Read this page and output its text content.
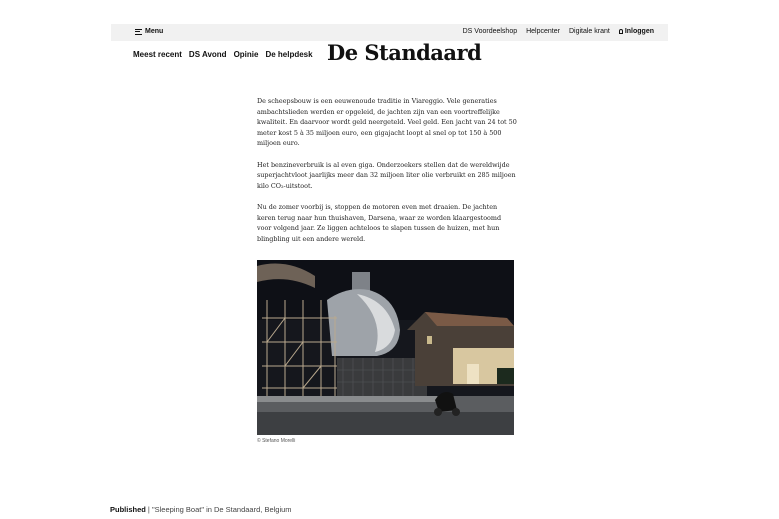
Menu	DS Voordeelshop Helpcenter Digitale krant Inloggen
Meest recent DS Avond Opinie De helpdesk De Standaard

De scheepsbouw is een eeuwenoude traditie in Viareggio. Vele generaties ambachtslieden werden er opgeleid, de jachten zijn van een voortreffelijke kwaliteit. En daarvoor wordt geld neergeteld. Veel geld. Een jacht van 24 tot 50 meter kost 5 à 35 miljoen euro, een gigajacht loopt al snel op tot 150 à 500 miljoen euro.

Het benzineverbruik is al even giga. Onderzoekers stellen dat de wereldwijde superjachtvloot jaarlijks meer dan 32 miljoen liter olie verbruikt en 285 miljoen kilo CO₂-uitstoot.

Nu de zomer voorbij is, stoppen de motoren even met draaien. De jachten keren terug naar hun thuishaven, Darsena, waar ze worden klaargestoomd voor volgend jaar. Ze liggen achteloos te slapen tussen de huizen, met hun blingbling uit een andere wereld.

© Stefano Morelli
Published | "Sleeping Boat" in De Standaard, Belgium
